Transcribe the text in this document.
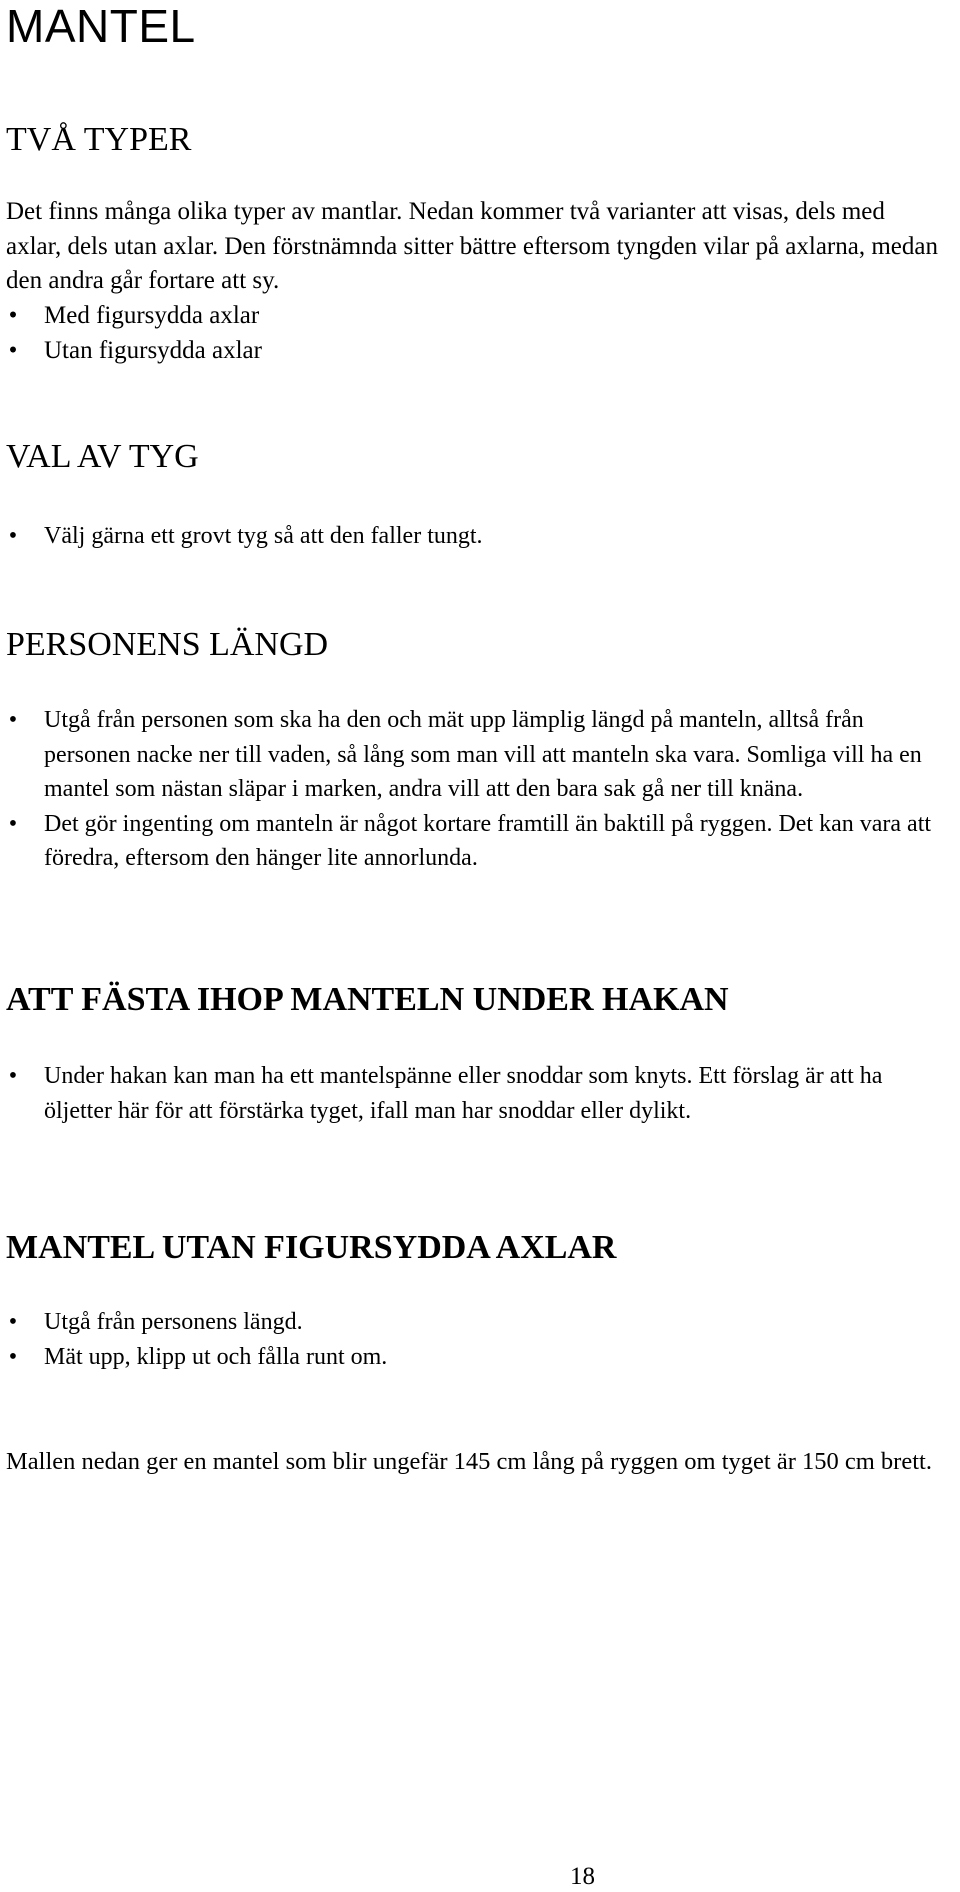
MANTEL
TVÅ TYPER

Det finns många olika typer av mantlar. Nedan kommer två varianter att visas, dels med axlar, dels utan axlar. Den förstnämnda sitter bättre eftersom tyngden vilar på axlarna, medan den andra går fortare att sy.

• Med figursydda axlar
• Utan figursydda axlar
VAL AV TYG
• Välj gärna ett grovt tyg så att den faller tungt.
PERSONENS LÄNGD
• Utgå från personen som ska ha den och mät upp lämplig längd på manteln, alltså från personen nacke ner till vaden, så lång som man vill att manteln ska vara. Somliga vill ha en mantel som nästan släpar i marken, andra vill att den bara sak gå ner till knäna.
• Det gör ingenting om manteln är något kortare framtill än baktill på ryggen. Det kan vara att föredra, eftersom den hänger lite annorlunda.
ATT FÄSTA IHOP MANTELN UNDER HAKAN
• Under hakan kan man ha ett mantelspänne eller snoddar som knyts. Ett förslag är att ha öljetter här för att förstärka tyget, ifall man har snoddar eller dylikt.
MANTEL UTAN FIGURSYDDA AXLAR
• Utgå från personens längd.
• Mät upp, klipp ut och fålla runt om.

Mallen nedan ger en mantel som blir ungefär 145 cm lång på ryggen om tyget är 150 cm brett.

18
